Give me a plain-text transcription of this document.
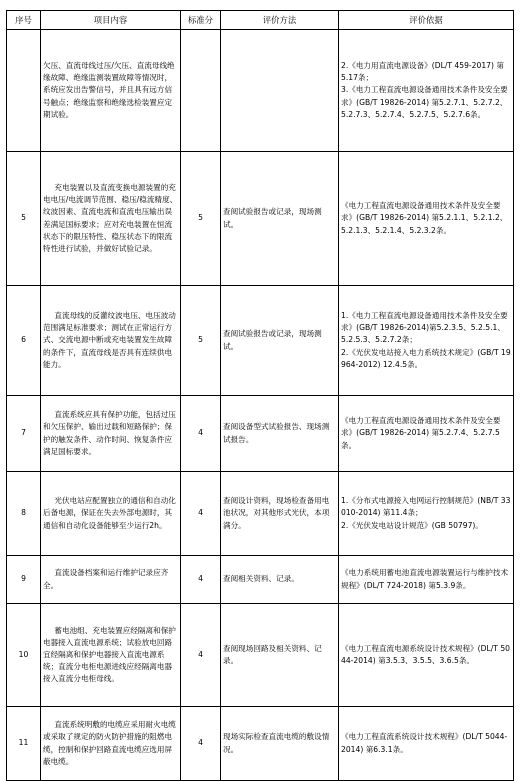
序号	项目内容	标准分	评价方法	评价依据
	欠压、直流母线过压/欠压、直流母线绝缘故障、绝缘监测装置故障等情况时，系统应发出告警信号，并且具有远方信号触点；绝缘监察和绝缘选检装置应定期试验。			2.《电力用直流电源设备》(DL/T 459-2017) 第5.17条；
3.《电力工程直流电源设备通用技术条件及安全要求》(GB/T 19826-2014) 第5.2.7.1、5.2.7.2、5.2.7.3、5.2.7.4、5.2.7.5、5.2.7.6条。
5	充电装置以及直流变换电源装置的充电电压/电流调节范围、稳压/稳流精度、纹波因素、直流电流和直流电压输出误差满足国标要求；应对充电装置在恒流状态下的限压特性、稳压状态下的限流特性进行试验，并做好试验记录。	5	查阅试验报告或记录，现场测试。	《电力工程直流电源设备通用技术条件及安全要求》(GB/T 19826-2014) 第5.2.1.1、5.2.1.2、5.2.1.3、5.2.1.4、5.2.3.2条。
6	直流母线的反灌纹波电压、电压波动范围满足标准要求；测试在正常运行方式、交流电源中断或充电装置发生故障的条件下，直流母线是否具有连续供电能力。	5	查阅试验报告或记录，现场测试。	1.《电力工程直流电源设备通用技术条件及安全要求》(GB/T 19826-2014)第5.2.3.5、5.2.5.1、5.2.5.3、5.2.7.2条；
2.《光伏发电站接入电力系统技术规定》(GB/T 19964-2012) 12.4.5条。
7	直流系统应具有保护功能，包括过压和欠压保护、输出过载和短路保护；保护的触发条件、动作时间、恢复条件应满足国标要求。	4	查阅设备型式试验报告、现场测试报告。	《电力工程直流电源设备通用技术条件及安全要求》(GB/T 19826-2014) 第5.2.7.4、5.2.7.5条。
8	光伏电站应配置独立的通信和自动化后备电源，保证在失去外部电源时，其通信和自动化设备能够至少运行2h。	4	查阅设计资料，现场检查备用电池状况，对其他形式光伏，本项满分。	1.《分布式电源接入电网运行控制规范》(NB/T 33010-2014) 第11.4条；
2.《光伏发电站设计规范》(GB 50797)。
9	直流设备档案和运行维护记录应齐全。	4	查阅相关资料、记录。	《电力系统用蓄电池直流电源装置运行与维护技术规程》(DL/T 724-2018) 第5.3.9条。
10	蓄电池组、充电装置应经隔离和保护电器接入直流电源系统；试验放电回路宜经隔离和保护电器接入直流电源系统；直流分电柜电源进线应经隔离电器接入直流分电柜母线。	4	查阅现场回路及相关资料、记录。	《电力工程直流电源系统设计技术规程》(DL/T 5044-2014) 第3.5.3、3.5.5、3.6.5条。
11	直流系统明敷的电缆应采用耐火电缆或采取了规定的防火防护措施的阻燃电缆，控制和保护回路直流电缆应选用屏蔽电缆。	4	现场实际检查直流电缆的敷设情况。	《电力工程直流系统设计技术规程》(DL/T 5044-2014) 第6.3.1条。
